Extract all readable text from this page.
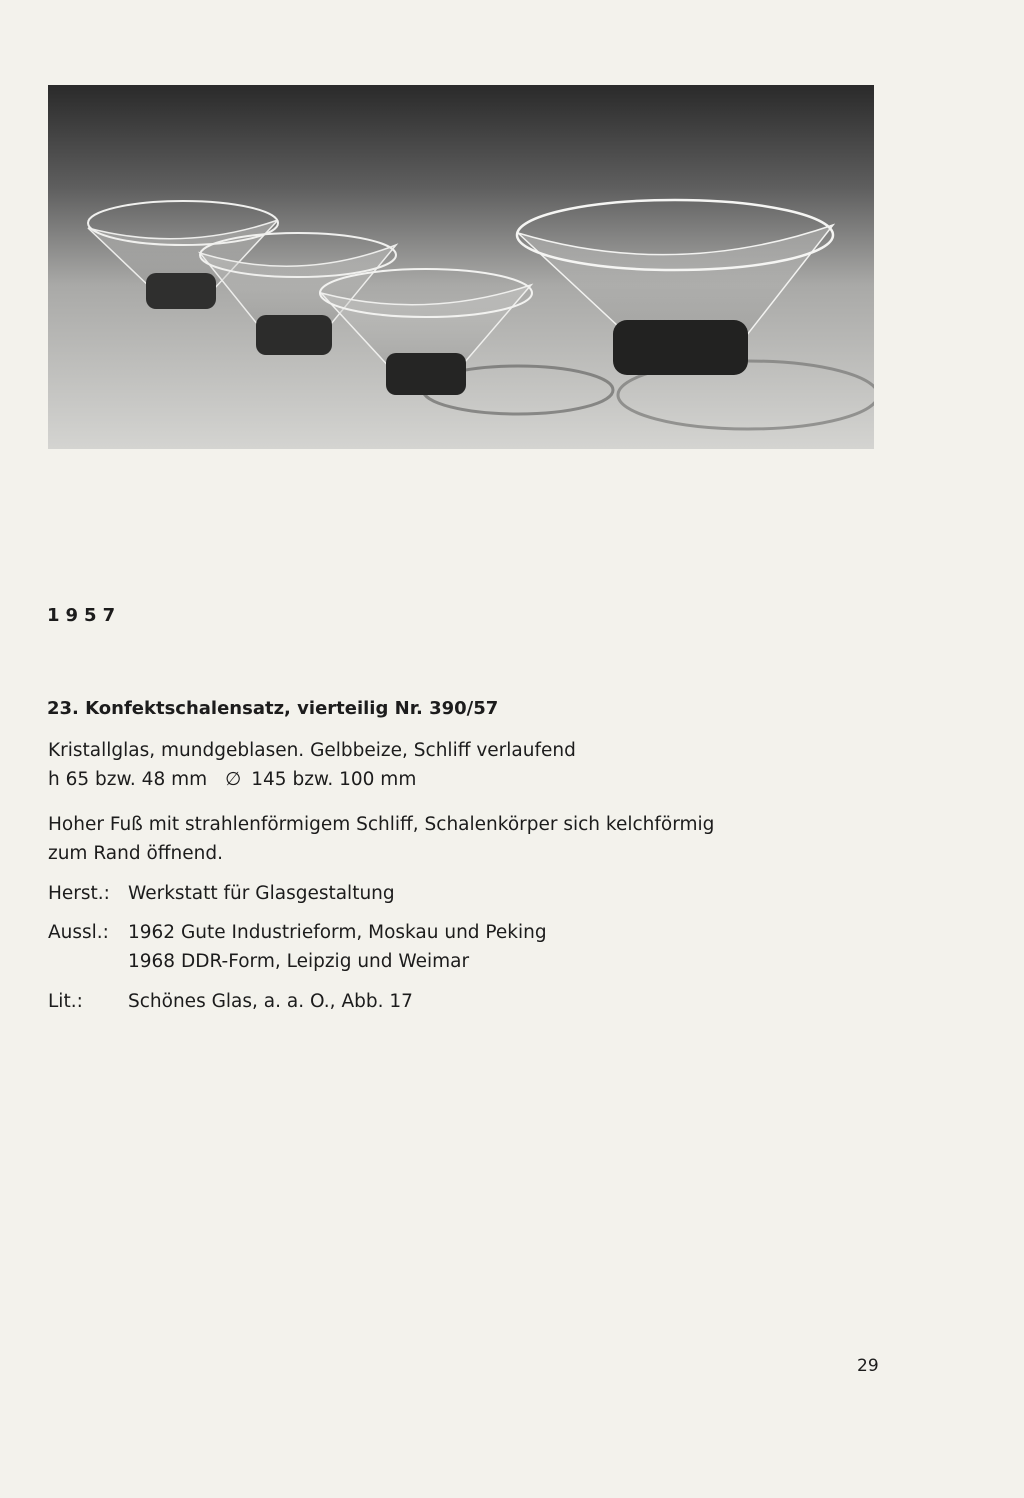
1957
23. Konfektschalensatz, vierteilig Nr. 390/57
Kristallglas, mundgeblasen. Gelbbeize, Schliff verlaufend
h 65 bzw. 48 mm ∅ 145 bzw. 100 mm
Hoher Fuß mit strahlenförmigem Schliff, Schalenkörper sich kelchförmig
zum Rand öffnend.
Herst.: Werkstatt für Glasgestaltung
Aussl.: 1962 Gute Industrieform, Moskau und Peking
1968 DDR-Form, Leipzig und Weimar
Lit.: Schönes Glas, a. a. O., Abb. 17
29
